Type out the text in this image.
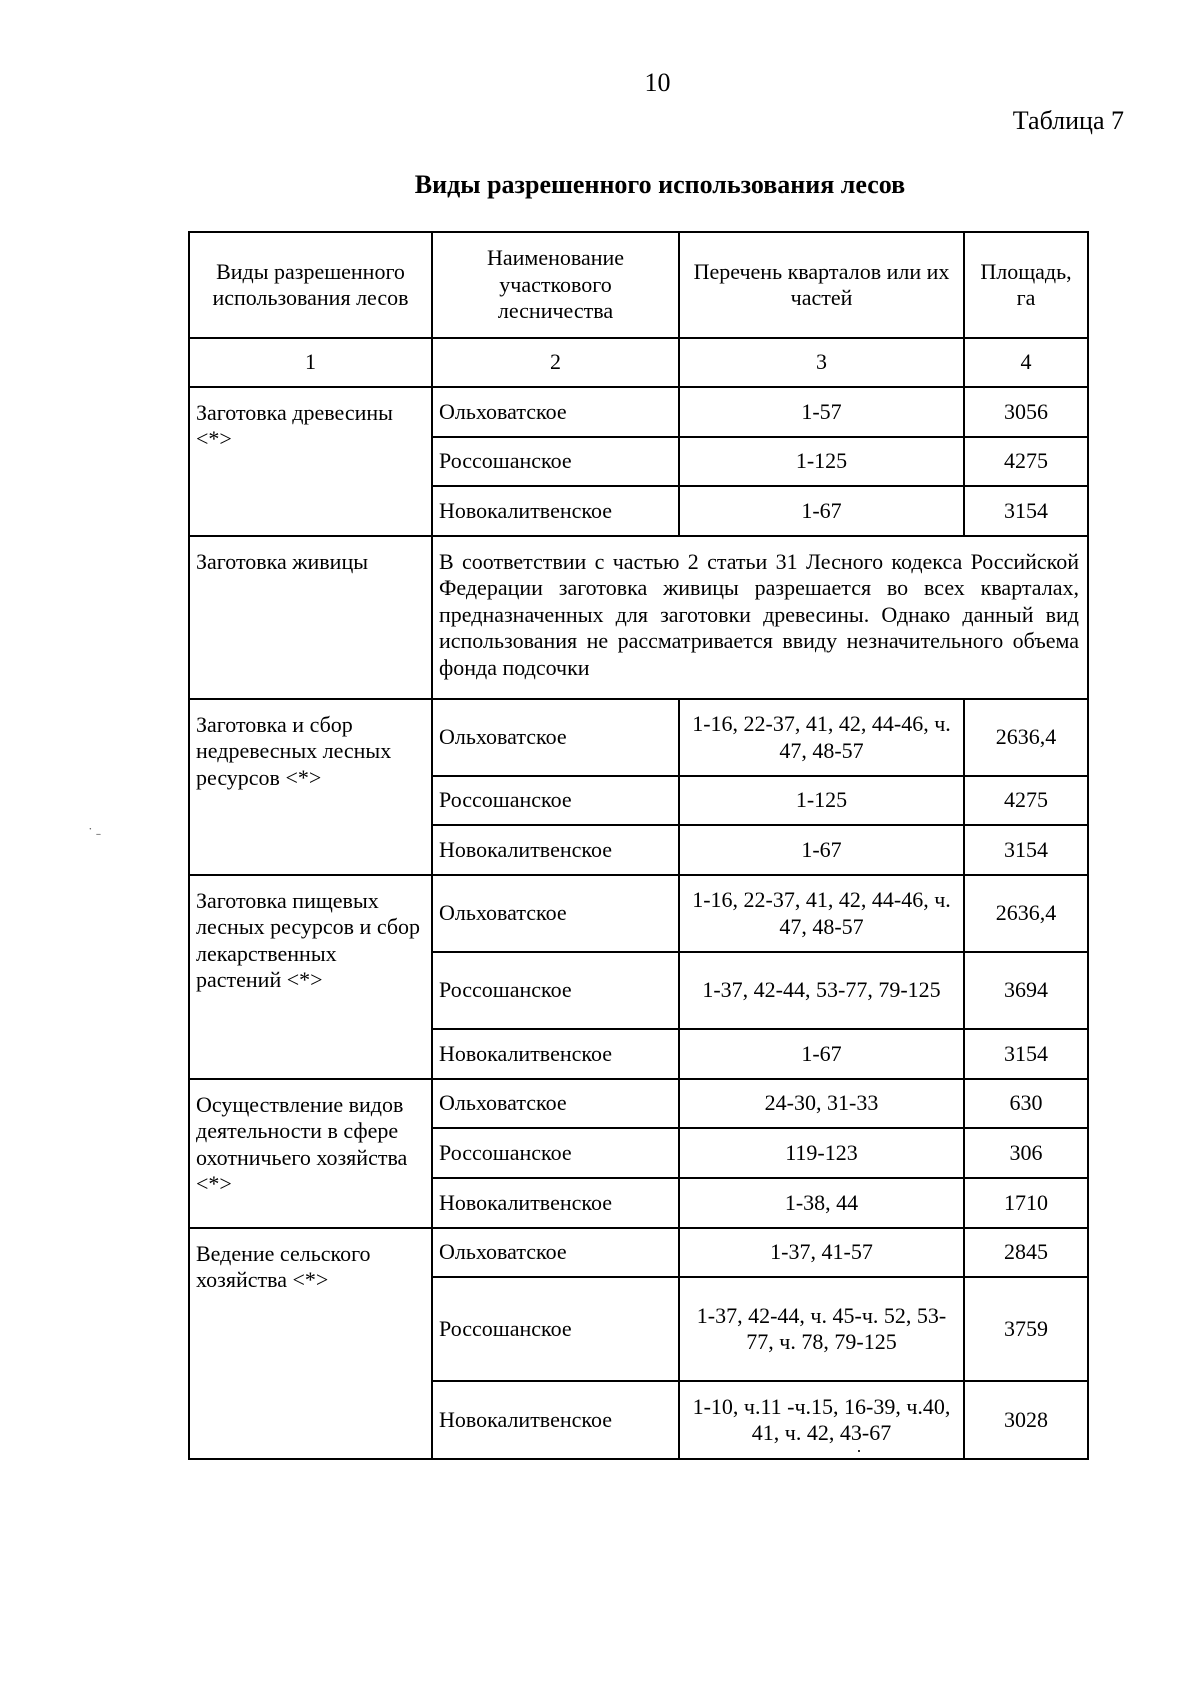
10
Таблица 7
Виды разрешенного использования лесов
Виды разрешенного использования лесов	Наименование участкового лесничества	Перечень кварталов или их частей	Площадь, га
1	2	3	4
Заготовка древесины <*>	Ольховатское	1-57	3056
	Россошанское	1-125	4275
	Новокалитвенское	1-67	3154
Заготовка живицы	В соответствии с частью 2 статьи 31 Лесного кодекса Российской Федерации заготовка живицы разрешается во всех кварталах, предназначенных для заготовки древесины. Однако данный вид использования не рассматривается ввиду незначительного объема фонда подсочки		
Заготовка и сбор недревесных лесных ресурсов <*>	Ольховатское	1-16, 22-37, 41, 42, 44-46, ч. 47, 48-57	2636,4
	Россошанское	1-125	4275
	Новокалитвенское	1-67	3154
Заготовка пищевых лесных ресурсов и сбор лекарственных растений <*>	Ольховатское	1-16, 22-37, 41, 42, 44-46, ч. 47, 48-57	2636,4
	Россошанское	1-37, 42-44, 53-77, 79-125	3694
	Новокалитвенское	1-67	3154
Осуществление видов деятельности в сфере охотничьего хозяйства <*>	Ольховатское	24-30, 31-33	630
	Россошанское	119-123	306
	Новокалитвенское	1-38, 44	1710
Ведение сельского хозяйства <*>	Ольховатское	1-37, 41-57	2845
	Россошанское	1-37, 42-44, ч. 45-ч. 52, 53-77, ч. 78, 79-125	3759
	Новокалитвенское	1-10, ч.11 -ч.15, 16-39, ч.40, 41, ч. 42, 43-67	3028
˙ ˗
